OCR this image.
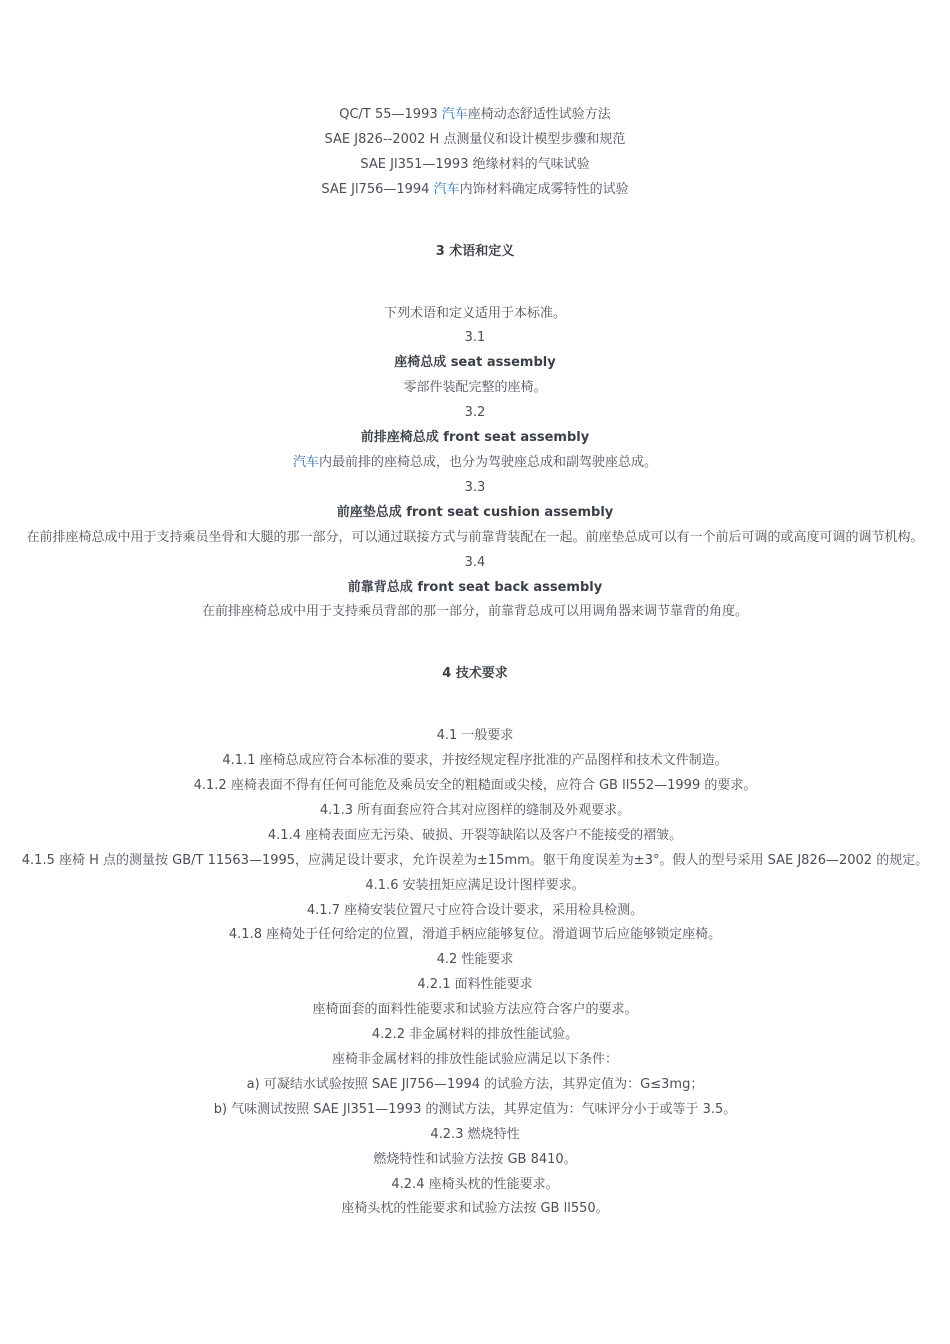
QC/T 55—1993 汽车座椅动态舒适性试验方法

SAE J826--2002 H 点测量仪和设计模型步骤和规范

SAE Jl351—1993 绝缘材料的气味试验

SAE Jl756—1994 汽车内饰材料确定成雾特性的试验

3 术语和定义

下列术语和定义适用于本标准。

3.1

座椅总成 seat assembly

零部件装配完整的座椅。

3.2

前排座椅总成 front seat assembly

汽车内最前排的座椅总成，也分为驾驶座总成和副驾驶座总成。

3.3

前座垫总成 front seat cushion assembly

在前排座椅总成中用于支持乘员坐骨和大腿的那一部分，可以通过联接方式与前靠背装配在一起。前座垫总成可以有一个前后可调的或高度可调的调节机构。

3.4

前靠背总成 front seat back assembly

在前排座椅总成中用于支持乘员背部的那一部分，前靠背总成可以用调角器来调节靠背的角度。

4 技术要求

4.1 一般要求

4.1.1 座椅总成应符合本标准的要求，并按经规定程序批准的产品图样和技术文件制造。

4.1.2 座椅表面不得有任何可能危及乘员安全的粗糙面或尖棱，应符合 GB ll552—1999 的要求。

4.1.3 所有面套应符合其对应图样的缝制及外观要求。

4.1.4 座椅表面应无污染、破损、开裂等缺陷以及客户不能接受的褶皱。

4.1.5 座椅 H 点的测量按 GB/T 11563—1995，应满足设计要求，允许误差为±15mm。躯干角度误差为±3°。假人的型号采用 SAE J826—2002 的规定。

4.1.6 安装扭矩应满足设计图样要求。

4.1.7 座椅安装位置尺寸应符合设计要求，采用检具检测。

4.1.8 座椅处于任何给定的位置，滑道手柄应能够复位。滑道调节后应能够锁定座椅。

4.2 性能要求

4.2.1 面料性能要求

座椅面套的面料性能要求和试验方法应符合客户的要求。

4.2.2 非金属材料的排放性能试验。

座椅非金属材料的排放性能试验应满足以下条件：

a) 可凝结水试验按照 SAE Jl756—1994 的试验方法，其界定值为：G≤3mg；

b) 气味测试按照 SAE Jl351—1993 的测试方法，其界定值为：气味评分小于或等于 3.5。

4.2.3 燃烧特性

燃烧特性和试验方法按 GB 8410。

4.2.4 座椅头枕的性能要求。

座椅头枕的性能要求和试验方法按 GB ll550。
